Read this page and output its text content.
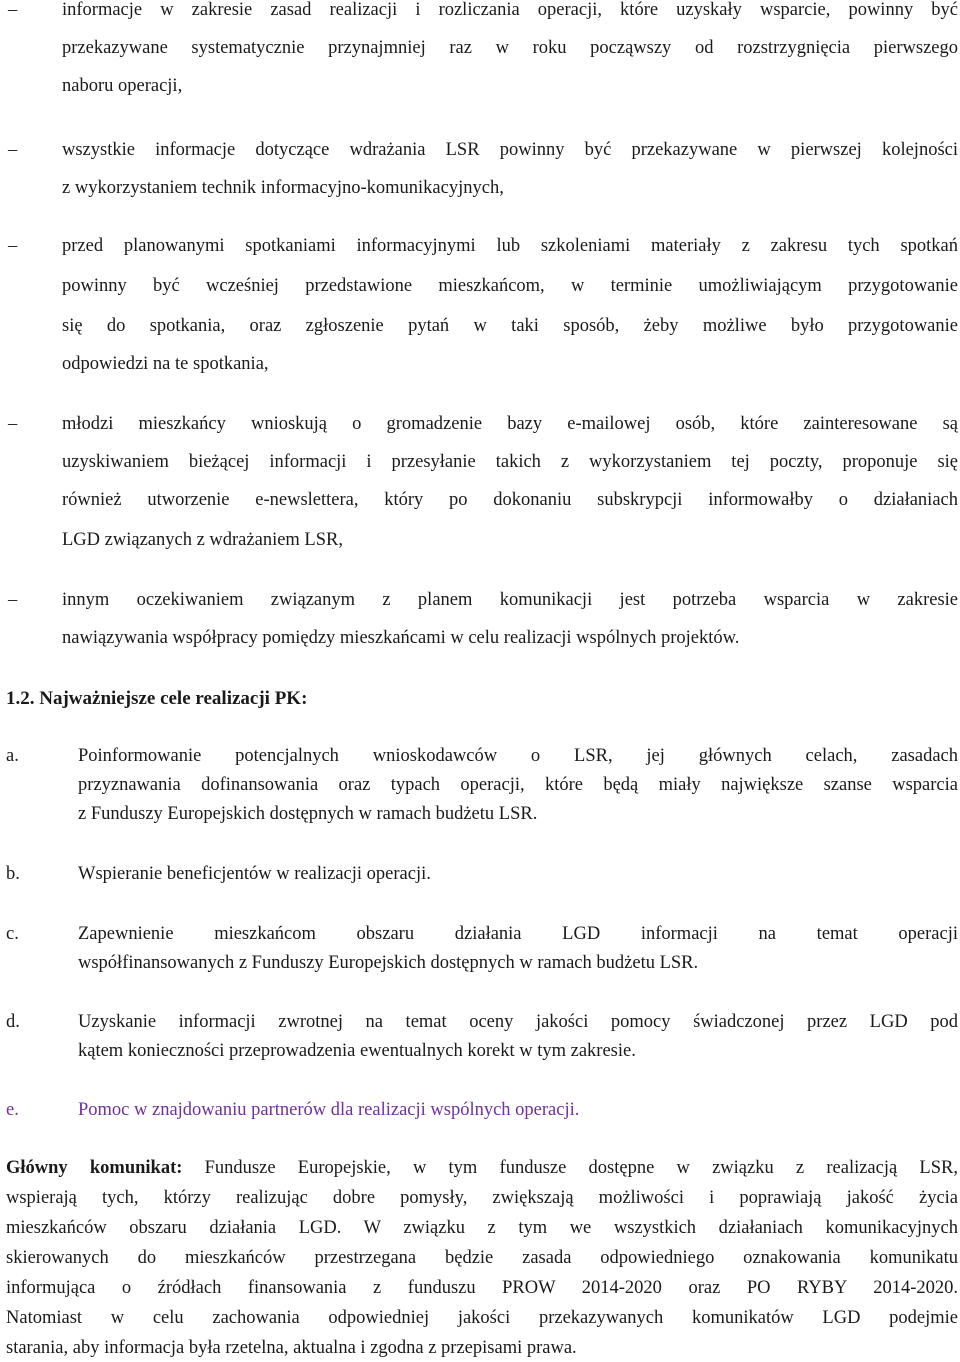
–	informacje w zakresie zasad realizacji i rozliczania operacji, które uzyskały wsparcie, powinny być
przekazywane systematycznie przynajmniej raz w roku począwszy od rozstrzygnięcia pierwszego
naboru operacji,
–	wszystkie informacje dotyczące wdrażania LSR powinny być przekazywane w pierwszej kolejności
z wykorzystaniem technik informacyjno-komunikacyjnych,
–	przed planowanymi spotkaniami informacyjnymi lub szkoleniami materiały z zakresu tych spotkań
powinny być wcześniej przedstawione mieszkańcom, w terminie umożliwiającym przygotowanie
się do spotkania, oraz zgłoszenie pytań w taki sposób, żeby możliwe było przygotowanie
odpowiedzi na te spotkania,
–	młodzi mieszkańcy wnioskują o gromadzenie bazy e-mailowej osób, które zainteresowane są
uzyskiwaniem bieżącej informacji i przesyłanie takich z wykorzystaniem tej poczty, proponuje się
również utworzenie e-newslettera, który po dokonaniu subskrypcji informowałby o działaniach
LGD związanych z wdrażaniem LSR,
–	innym oczekiwaniem związanym z planem komunikacji jest potrzeba wsparcia w zakresie
nawiązywania współpracy pomiędzy mieszkańcami w celu realizacji wspólnych projektów.
1.2. Najważniejsze cele realizacji PK:
a.	Poinformowanie potencjalnych wnioskodawców o LSR, jej głównych celach, zasadach
przyznawania dofinansowania oraz typach operacji, które będą miały największe szanse wsparcia
z Funduszy Europejskich dostępnych w ramach budżetu LSR.
b.	Wspieranie beneficjentów w realizacji operacji.
c.	Zapewnienie mieszkańcom obszaru działania LGD informacji na temat operacji
współfinansowanych z Funduszy Europejskich dostępnych w ramach budżetu LSR.
d.	Uzyskanie informacji zwrotnej na temat oceny jakości pomocy świadczonej przez LGD pod
kątem konieczności przeprowadzenia ewentualnych korekt w tym zakresie.
e.	Pomoc w znajdowaniu partnerów dla realizacji wspólnych operacji.
Główny komunikat: Fundusze Europejskie, w tym fundusze dostępne w związku z realizacją LSR,
wspierają tych, którzy realizując dobre pomysły, zwiększają możliwości i poprawiają jakość życia
mieszkańców obszaru działania LGD. W związku z tym we wszystkich działaniach komunikacyjnych
skierowanych do mieszkańców przestrzegana będzie zasada odpowiedniego oznakowania komunikatu
informująca o źródłach finansowania z funduszu PROW 2014-2020 oraz PO RYBY 2014-2020.
Natomiast w celu zachowania odpowiedniej jakości przekazywanych komunikatów LGD podejmie
starania, aby informacja była rzetelna, aktualna i zgodna z przepisami prawa.
